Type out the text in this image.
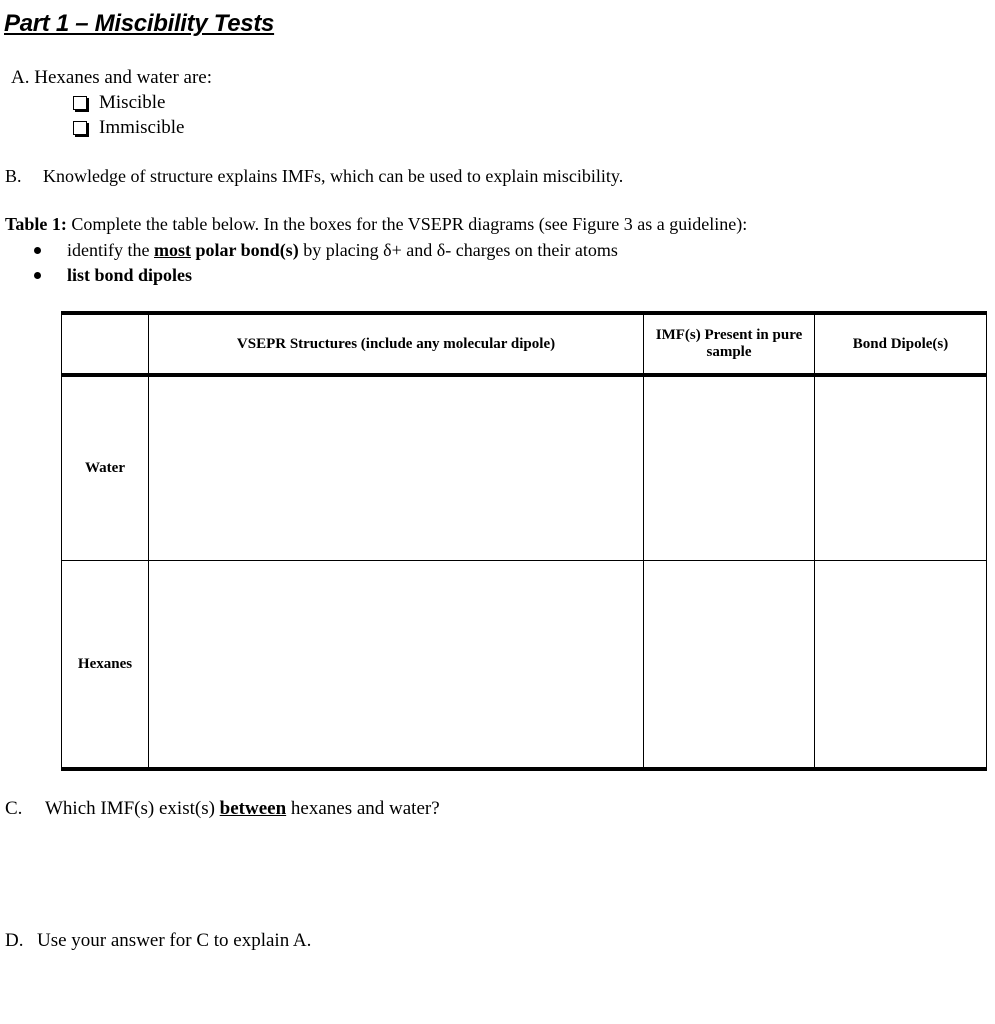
Part 1 – Miscibility Tests
A. Hexanes and water are:
Miscible
Immiscible
B. Knowledge of structure explains IMFs, which can be used to explain miscibility.
Table 1: Complete the table below. In the boxes for the VSEPR diagrams (see Figure 3 as a guideline):
identify the most polar bond(s) by placing δ+ and δ- charges on their atoms
list bond dipoles
	VSEPR Structures (include any molecular dipole)	IMF(s) Present in pure sample	Bond Dipole(s)
Water			
Hexanes			
C. Which IMF(s) exist(s) between hexanes and water?
D. Use your answer for C to explain A.
